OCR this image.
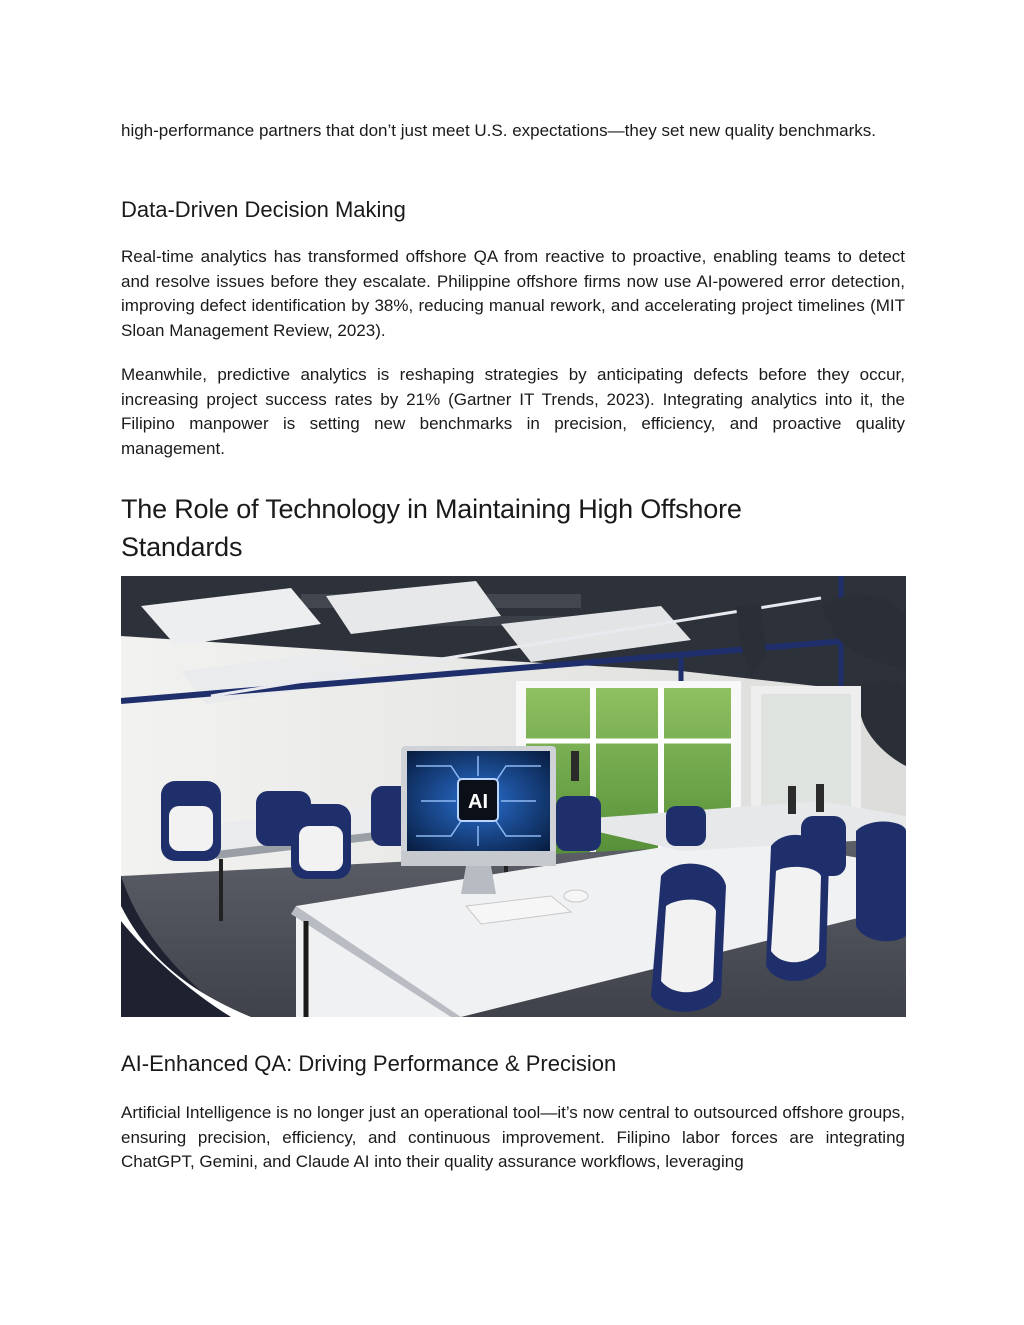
high-performance partners that don’t just meet U.S. expectations—they set new quality benchmarks.

Data-Driven Decision Making

Real-time analytics has transformed offshore QA from reactive to proactive, enabling teams to detect and resolve issues before they escalate. Philippine offshore firms now use AI-powered error detection, improving defect identification by 38%, reducing manual rework, and accelerating project timelines (MIT Sloan Management Review, 2023).

Meanwhile, predictive analytics is reshaping strategies by anticipating defects before they occur, increasing project success rates by 21% (Gartner IT Trends, 2023). Integrating analytics into it, the Filipino manpower is setting new benchmarks in precision, efficiency, and proactive quality management.

The Role of Technology in Maintaining High Offshore Standards
AI
AI-Enhanced QA: Driving Performance & Precision

Artificial Intelligence is no longer just an operational tool—it’s now central to outsourced offshore groups, ensuring precision, efficiency, and continuous improvement. Filipino labor forces are integrating ChatGPT, Gemini, and Claude AI into their quality assurance workflows, leveraging
